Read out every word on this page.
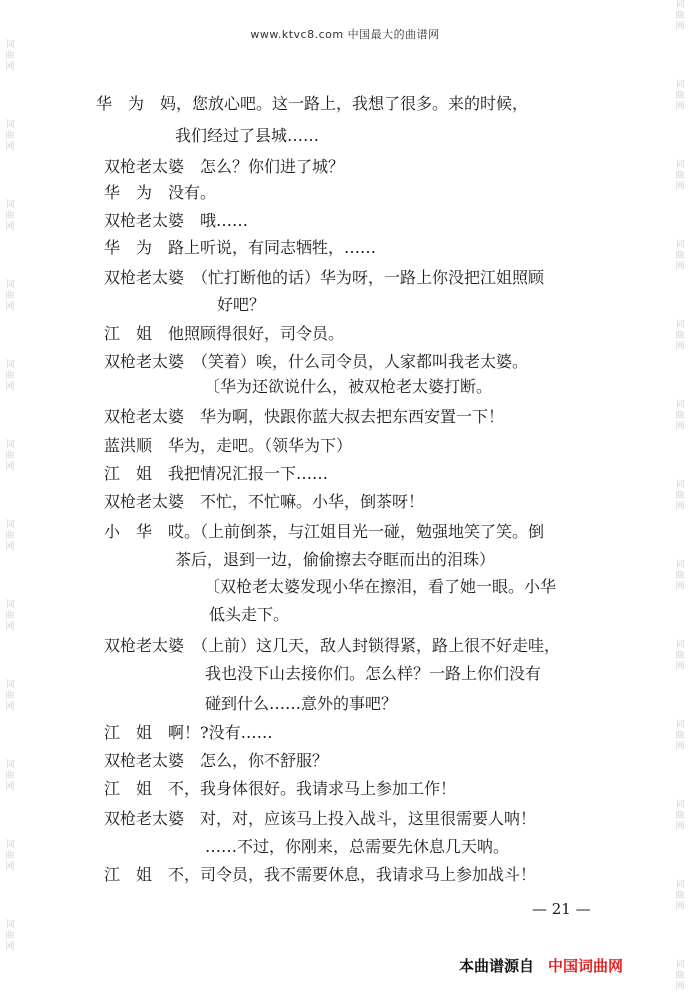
词
曲
网
词
曲
网
词
曲
网
词
曲
网
词
曲
网
词
曲
网
词
曲
网
词
曲
网
词
曲
网
词
曲
网
词
曲
网
词
曲
网
词
曲
网
词
曲
网
词
曲
网
词
曲
网
词
曲
网
词
曲
网
词
曲
网
词
曲
网
词
曲
网
词
曲
网
词
曲
网
词
曲
网
词
曲
网
www.ktvc8.com 中国最大的曲谱网
华　为　妈，您放心吧。这一路上，我想了很多。来的时候，
我们经过了县城……
双枪老太婆　怎么？你们进了城？
华　为　没有。
双枪老太婆　哦……
华　为　路上听说，有同志牺牲，……
双枪老太婆　（忙打断他的话）华为呀，一路上你没把江姐照顾
好吧？
江　姐　他照顾得很好，司令员。
双枪老太婆　（笑着）唉，什么司令员，人家都叫我老太婆。
〔华为还欲说什么，被双枪老太婆打断。
双枪老太婆　华为啊，快跟你蓝大叔去把东西安置一下！
蓝洪顺　华为，走吧。（领华为下）
江　姐　我把情况汇报一下……
双枪老太婆　不忙，不忙嘛。小华，倒茶呀！
小　华　哎。（上前倒茶，与江姐目光一碰，勉强地笑了笑。倒
茶后，退到一边，偷偷擦去夺眶而出的泪珠）
〔双枪老太婆发现小华在擦泪，看了她一眼。小华
低头走下。
双枪老太婆　（上前）这几天，敌人封锁得紧，路上很不好走哇，
我也没下山去接你们。怎么样？一路上你们没有
碰到什么……意外的事吧？
江　姐　啊！?没有……
双枪老太婆　怎么，你不舒服？
江　姐　不，我身体很好。我请求马上参加工作！
双枪老太婆　对，对，应该马上投入战斗，这里很需要人呐！
……不过，你刚来，总需要先休息几天呐。
江　姐　不，司令员，我不需要休息，我请求马上参加战斗！
— 21 —
本曲谱源自 中国词曲网
